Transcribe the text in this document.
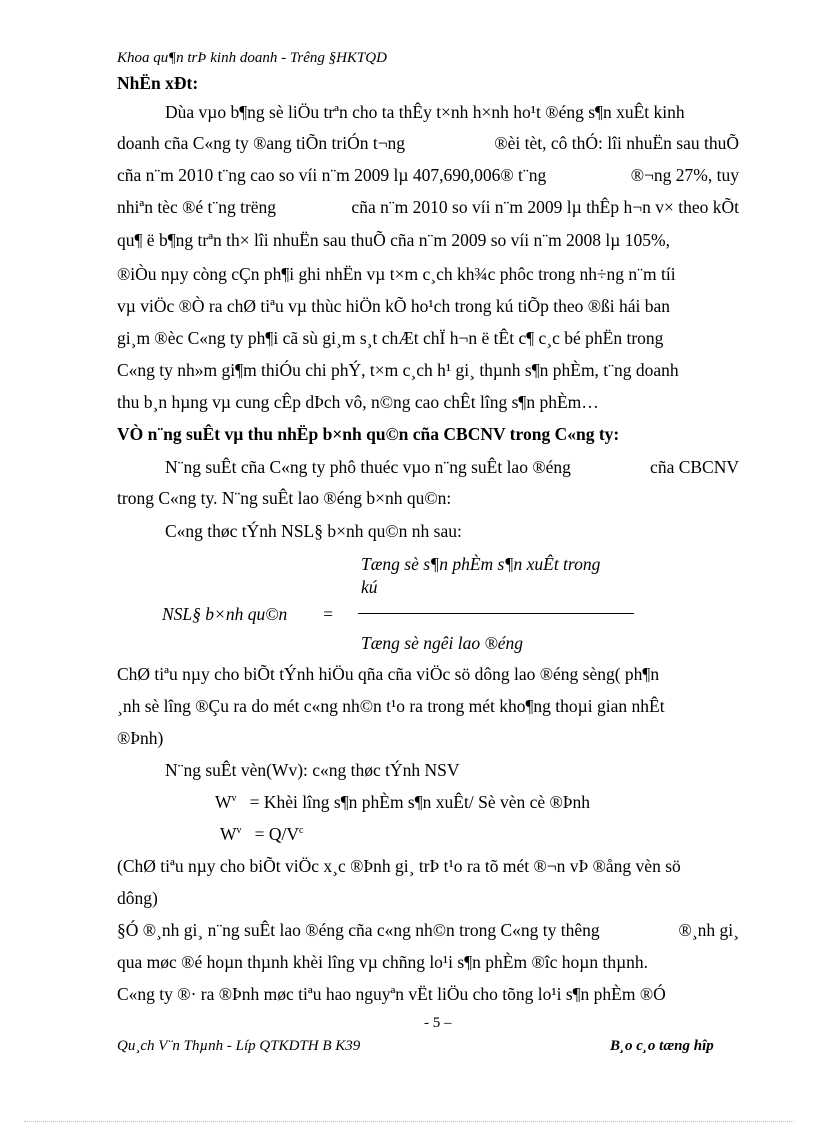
Khoa qu¶n trÞ kinh doanh - Trêng §HKTQD
NhËn xÐt:
Dùa vµo b¶ng sè liÖu trªn cho ta thÊy t×nh h×nh ho¹t ®éng s¶n xuÊt kinh
doanh cña C«ng ty ®ang tiÕn triÓn t¬ng	®èi tèt, cô thÓ: lîi nhuËn sau thuÕ
cña n¨m 2010 t¨ng cao so víi n¨m 2009 lµ 407,690,006® t¨ng	®¬ng 27%, tuy
nhiªn tèc ®é t¨ng trëng	cña n¨m 2010 so víi n¨m 2009 lµ thÊp h¬n v× theo kÕt
qu¶ ë b¶ng trªn th× lîi nhuËn sau thuÕ cña n¨m 2009 so víi n¨m 2008 lµ 105%,
®iÒu nµy còng cÇn ph¶i ghi nhËn vµ t×m c¸ch kh¾c phôc trong nh÷ng n¨m tíi
vµ viÖc ®Ò ra chØ tiªu vµ thùc hiÖn kÕ ho¹ch trong kú tiÕp theo ®ßi hái ban
gi¸m ®èc C«ng ty ph¶i cã sù gi¸m s¸t chÆt chÏ h¬n ë tÊt c¶ c¸c bé phËn trong
C«ng ty nh»m gi¶m thiÓu chi phÝ, t×m c¸ch h¹ gi¸ thµnh s¶n phÈm, t¨ng doanh
thu b¸n hµng vµ cung cÊp dÞch vô, n©ng cao chÊt lîng s¶n phÈm…
VÒ n¨ng suÊt vµ thu nhËp b×nh qu©n cña CBCNV trong C«ng ty:
N¨ng suÊt cña C«ng ty phô thuéc vµo n¨ng suÊt lao ®éng	cña CBCNV
trong C«ng ty. N¨ng suÊt lao ®éng b×nh qu©n:
C«ng thøc tÝnh NSL§ b×nh qu©n nh sau:
Tæng sè s¶n phÈm s¶n xuÊt trong
kú
NSL§ b×nh qu©n =
Tæng sè ngêi lao ®éng
ChØ tiªu nµy cho biÕt tÝnh hiÖu qña cña viÖc sö dông lao ®éng sèng( ph¶n
¸nh sè lîng ®Çu ra do mét c«ng nh©n t¹o ra trong mét kho¶ng thoµi gian nhÊt
®Þnh)
N¨ng suÊt vèn(Wv): c«ng thøc tÝnh NSV
$W^v$ = Khèi lîng s¶n phÈm s¶n xuÊt/ Sè vèn cè ®Þnh
$W^v = Q/V^c$
(ChØ tiªu nµy cho biÕt viÖc x¸c ®Þnh gi¸ trÞ t¹o ra tõ mét ®¬n vÞ ®ång vèn sö
dông)
§Ó ®¸nh gi¸ n¨ng suÊt lao ®éng cña c«ng nh©n trong C«ng ty thêng	®¸nh gi¸
qua møc ®é hoµn thµnh khèi lîng vµ chñng lo¹i s¶n phÈm ®îc hoµn thµnh.
C«ng ty ®· ra ®Þnh møc tiªu hao nguyªn vËt liÖu cho tõng lo¹i s¶n phÈm ®Ó
- 5 –
Qu¸ch V¨n Thµnh - Líp QTKDTH B K39	B¸o c¸o tæng hîp
